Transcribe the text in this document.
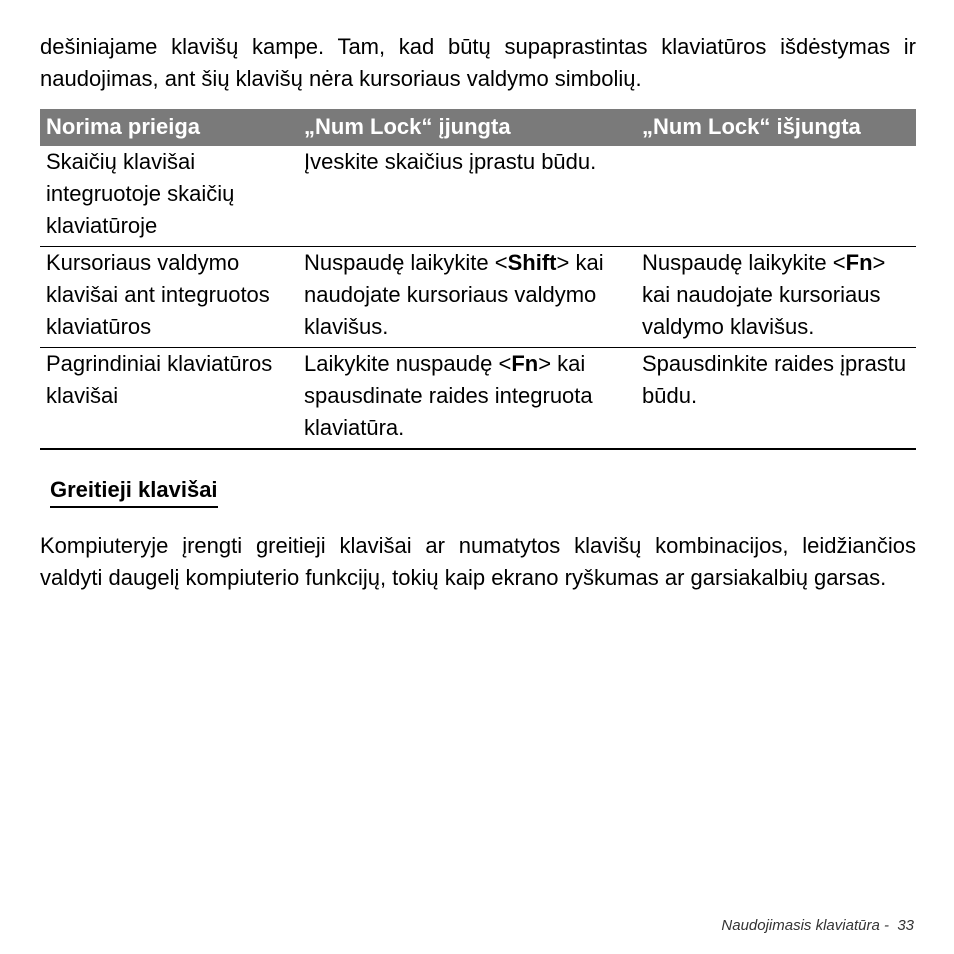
dešiniajame klavišų kampe. Tam, kad būtų supaprastintas klaviatūros išdėstymas ir naudojimas, ant šių klavišų nėra kursoriaus valdymo simbolių.

Norima prieiga	„Num Lock“ įjungta	„Num Lock“ išjungta
Skaičių klavišai integruotoje skaičių klaviatūroje	Įveskite skaičius įprastu būdu.	
Kursoriaus valdymo klavišai ant integruotos klaviatūros	Nuspaudę laikykite <Shift> kai naudojate kursoriaus valdymo klavišus.	Nuspaudę laikykite <Fn> kai naudojate kursoriaus valdymo klavišus.
Pagrindiniai klaviatūros klavišai	Laikykite nuspaudę <Fn> kai spausdinate raides integruota klaviatūra.	Spausdinkite raides įprastu būdu.
Greitieji klavišai

Kompiuteryje įrengti greitieji klavišai ar numatytos klavišų kombinacijos, leidžiančios valdyti daugelį kompiuterio funkcijų, tokių kaip ekrano ryškumas ar garsiakalbių garsas.

Naudojimasis klaviatūra - 33
